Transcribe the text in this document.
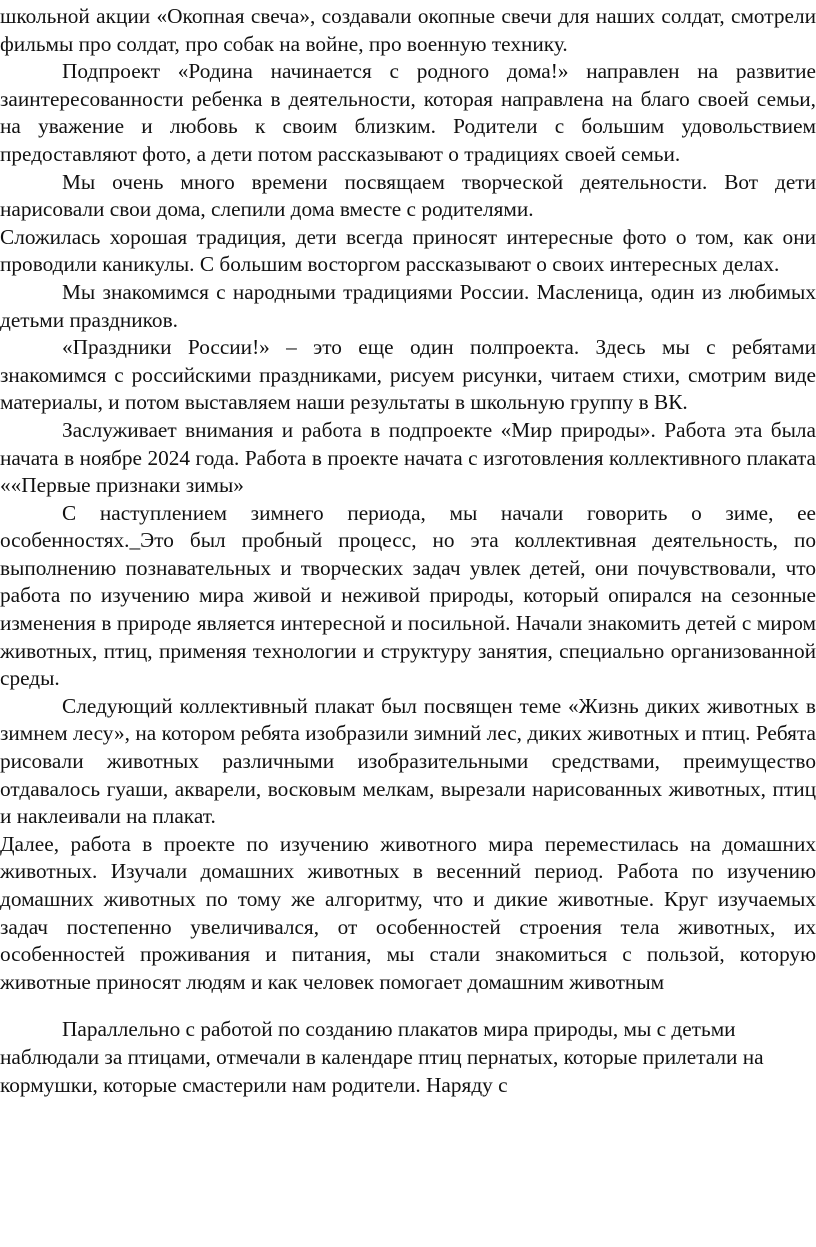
школьной акции «Окопная свеча», создавали окопные свечи для наших солдат, смотрели фильмы про солдат, про собак на войне, про военную технику.

Подпроект «Родина начинается с родного дома!» направлен на развитие заинтересованности ребенка в деятельности, которая направлена на благо своей семьи, на уважение и любовь к своим близким. Родители с большим удовольствием предоставляют фото, а дети потом рассказывают о традициях своей семьи.

Мы очень много времени посвящаем творческой деятельности. Вот дети нарисовали свои дома, слепили дома вместе с родителями.

Сложилась хорошая традиция, дети всегда приносят интересные фото о том, как они проводили каникулы. С большим восторгом рассказывают о своих интересных делах.

Мы знакомимся с народными традициями России. Масленица, один из любимых детьми праздников.

«Праздники России!» – это еще один полпроекта. Здесь мы с ребятами знакомимся с российскими праздниками, рисуем рисунки, читаем стихи, смотрим виде материалы, и потом выставляем наши результаты в школьную группу в ВК.

Заслуживает внимания и работа в подпроекте «Мир природы». Работа эта была начата в ноябре 2024 года. Работа в проекте начата с изготовления коллективного плаката ««Первые признаки зимы»

С наступлением зимнего периода, мы начали говорить о зиме, ее особенностях._Это был пробный процесс, но эта коллективная деятельность, по выполнению познавательных и творческих задач увлек детей, они почувствовали, что работа по изучению мира живой и неживой природы, который опирался на сезонные изменения в природе является интересной и посильной. Начали знакомить детей с миром животных, птиц, применяя технологии и структуру занятия, специально организованной среды.

Следующий коллективный плакат был посвящен теме «Жизнь диких животных в зимнем лесу», на котором ребята изобразили зимний лес, диких животных и птиц. Ребята рисовали животных различными изобразительными средствами, преимущество отдавалось гуаши, акварели, восковым мелкам, вырезали нарисованных животных, птиц и наклеивали на плакат.

Далее, работа в проекте по изучению животного мира переместилась на домашних животных. Изучали домашних животных в весенний период. Работа по изучению домашних животных по тому же алгоритму, что и дикие животные. Круг изучаемых задач постепенно увеличивался, от особенностей строения тела животных, их особенностей проживания и питания, мы стали знакомиться с пользой, которую животные приносят людям и как человек помогает домашним животным

Параллельно с работой по созданию плакатов мира природы, мы с детьми наблюдали за птицами, отмечали в календаре птиц пернатых, которые прилетали на кормушки, которые смастерили нам родители. Наряду с
